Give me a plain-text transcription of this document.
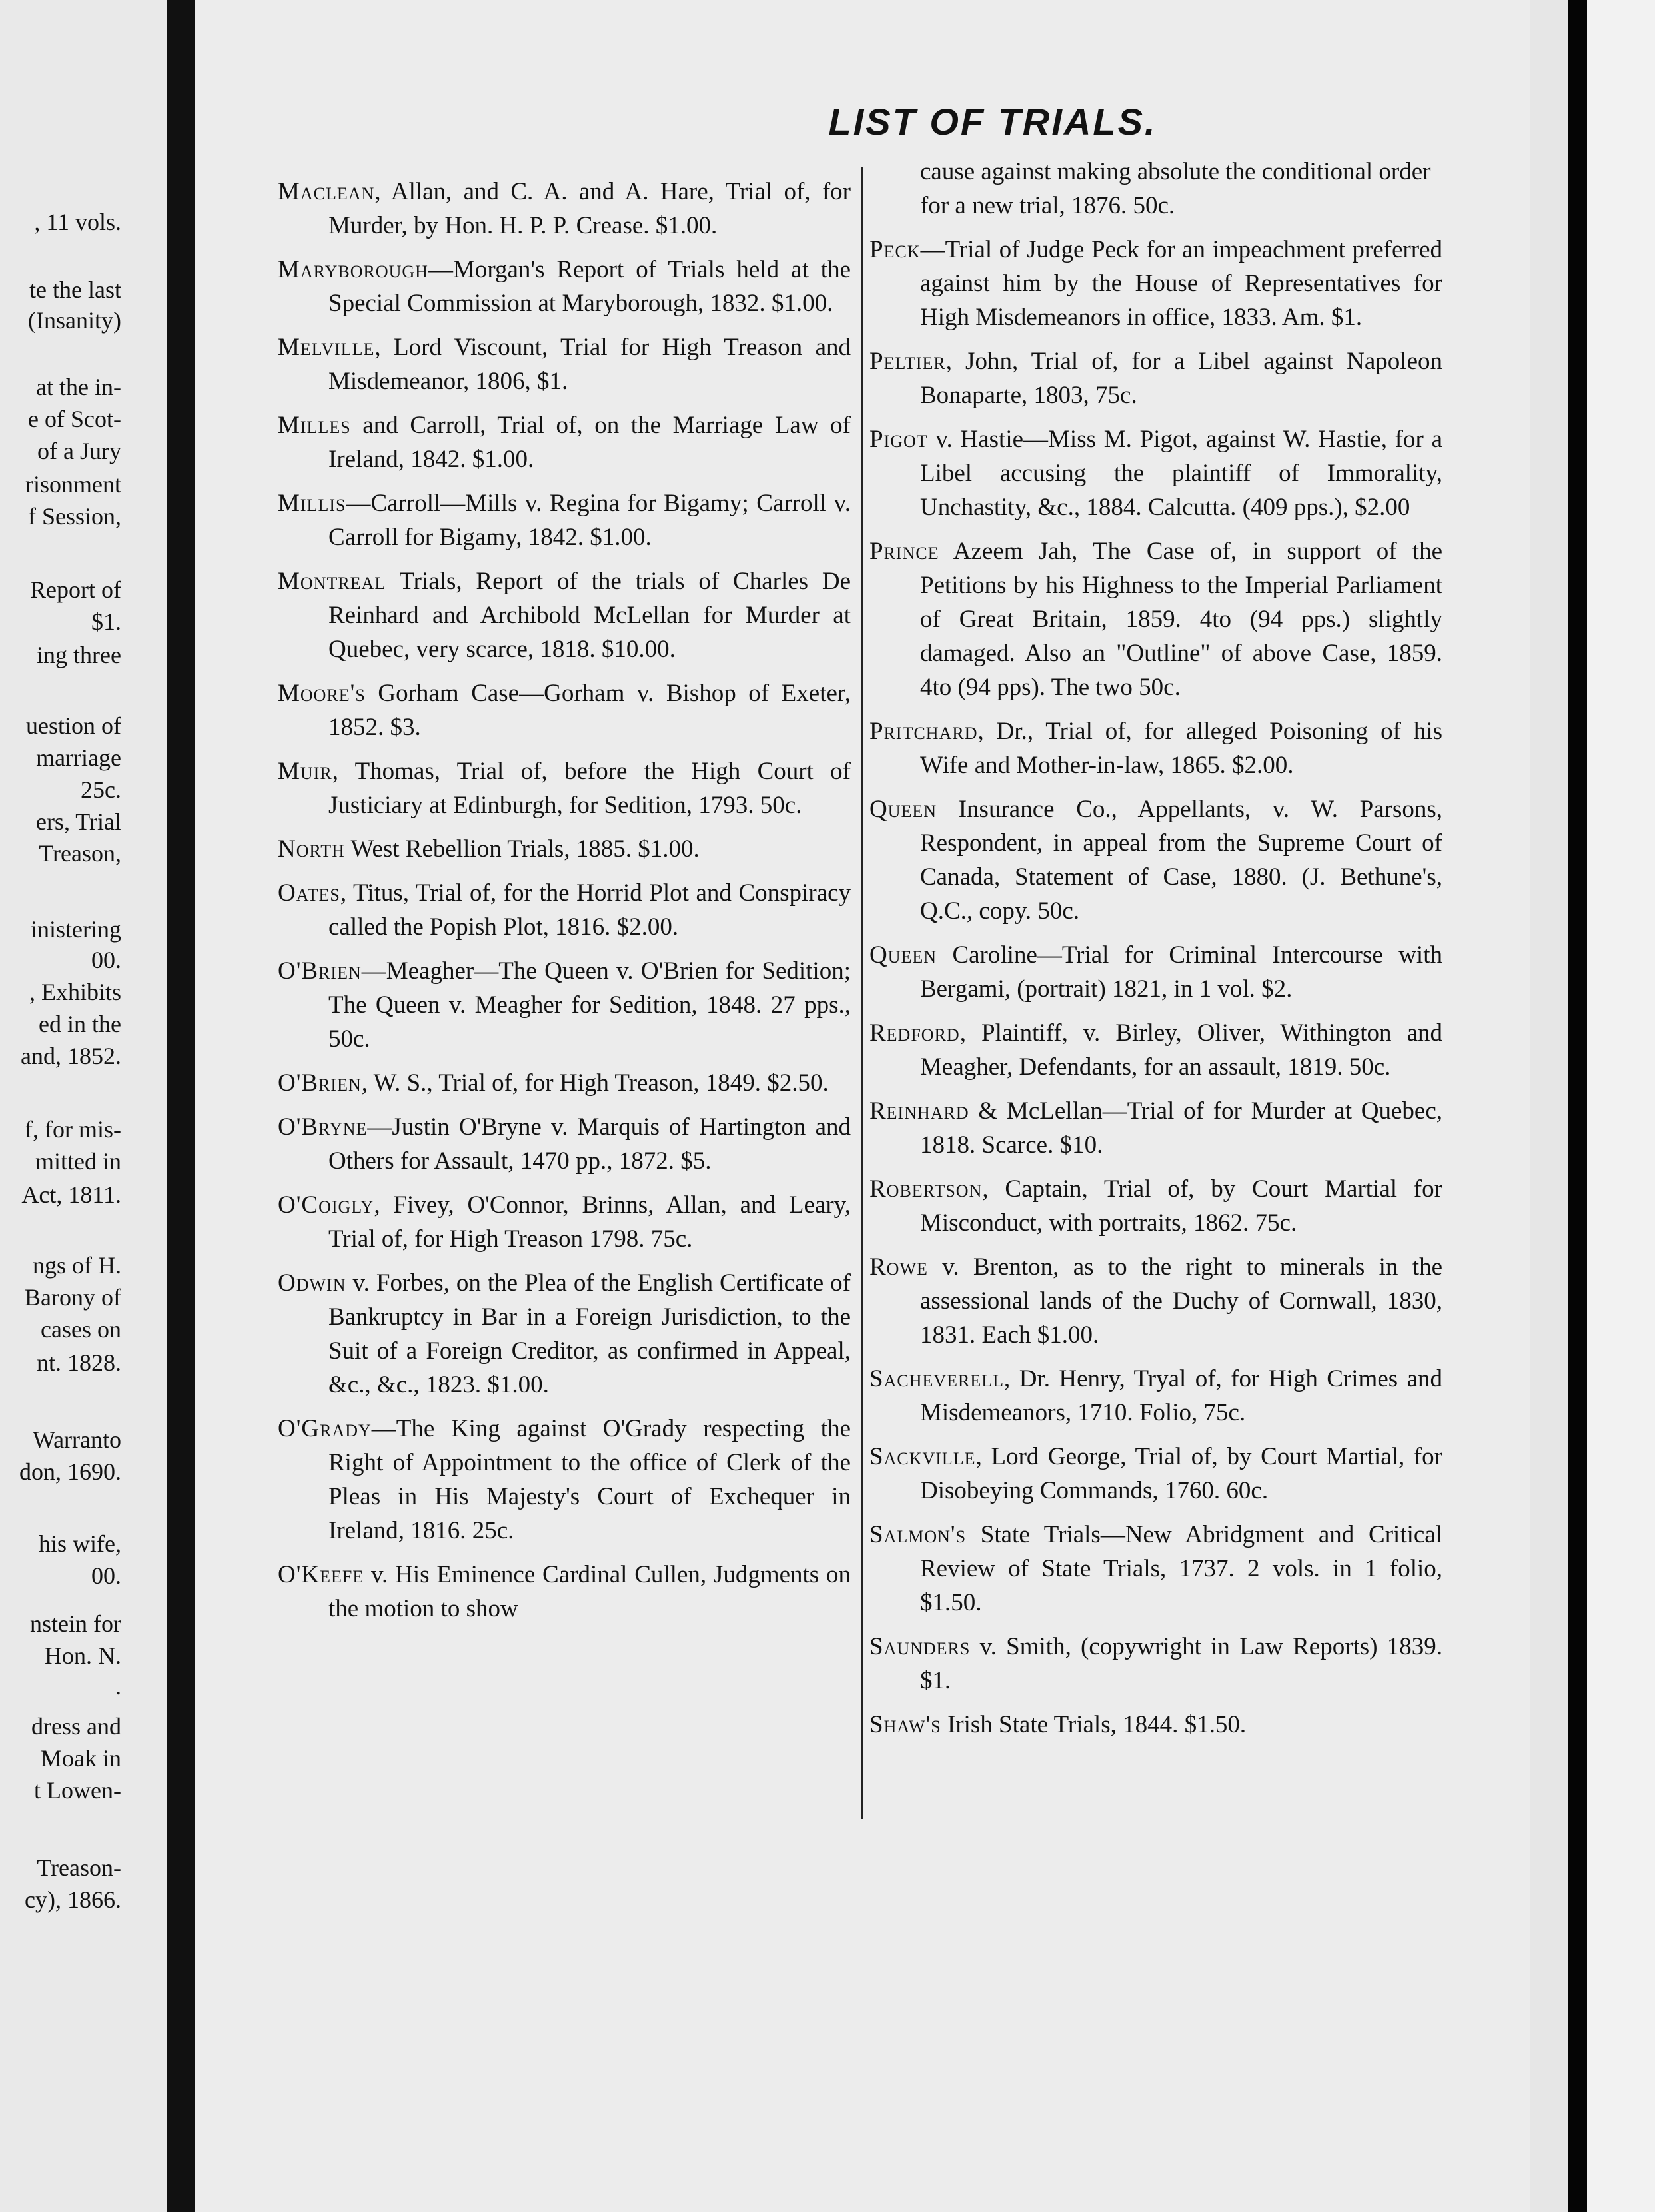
, 11 vols.
te the last
(Insanity)
at the in-
e of Scot-
of a Jury
risonment
f Session,
Report of
$1.
ing three
uestion of
marriage
25c.
ers, Trial
Treason,
inistering
00.
, Exhibits
ed in the
and, 1852.
f, for mis-
mitted in
Act, 1811.
ngs of H.
Barony of
cases on
nt. 1828.
Warranto
don, 1690.
his wife,
00.
nstein for
Hon. N.
.
dress and
Moak in
t Lowen-
Treason-
cy), 1866.
LIST OF TRIALS.
Maclean, Allan, and C. A. and A. Hare, Trial of, for Murder, by Hon. H. P. P. Crease. $1.00.
Maryborough—Morgan's Report of Trials held at the Special Commission at Maryborough, 1832. $1.00.
Melville, Lord Viscount, Trial for High Treason and Misdemeanor, 1806, $1.
Milles and Carroll, Trial of, on the Marriage Law of Ireland, 1842. $1.00.
Millis—Carroll—Mills v. Regina for Bigamy; Carroll v. Carroll for Bigamy, 1842. $1.00.
Montreal Trials, Report of the trials of Charles De Reinhard and Archibold McLellan for Murder at Quebec, very scarce, 1818. $10.00.
Moore's Gorham Case—Gorham v. Bishop of Exeter, 1852. $3.
Muir, Thomas, Trial of, before the High Court of Justiciary at Edinburgh, for Sedition, 1793. 50c.
North West Rebellion Trials, 1885. $1.00.
Oates, Titus, Trial of, for the Horrid Plot and Conspiracy called the Popish Plot, 1816. $2.00.
O'Brien—Meagher—The Queen v. O'Brien for Sedition; The Queen v. Meagher for Sedition, 1848. 27 pps., 50c.
O'Brien, W. S., Trial of, for High Treason, 1849. $2.50.
O'Bryne—Justin O'Bryne v. Marquis of Hartington and Others for Assault, 1470 pp., 1872. $5.
O'Coigly, Fivey, O'Connor, Brinns, Allan, and Leary, Trial of, for High Treason 1798. 75c.
Odwin v. Forbes, on the Plea of the English Certificate of Bankruptcy in Bar in a Foreign Jurisdiction, to the Suit of a Foreign Creditor, as confirmed in Appeal, &c., &c., 1823. $1.00.
O'Grady—The King against O'Grady respecting the Right of Appointment to the office of Clerk of the Pleas in His Majesty's Court of Exchequer in Ireland, 1816. 25c.
O'Keefe v. His Eminence Cardinal Cullen, Judgments on the motion to show
cause against making absolute the conditional order for a new trial, 1876. 50c.
Peck—Trial of Judge Peck for an impeachment preferred against him by the House of Representatives for High Misdemeanors in office, 1833. Am. $1.
Peltier, John, Trial of, for a Libel against Napoleon Bonaparte, 1803, 75c.
Pigot v. Hastie—Miss M. Pigot, against W. Hastie, for a Libel accusing the plaintiff of Immorality, Unchastity, &c., 1884. Calcutta. (409 pps.), $2.00
Prince Azeem Jah, The Case of, in support of the Petitions by his Highness to the Imperial Parliament of Great Britain, 1859. 4to (94 pps.) slightly damaged. Also an "Outline" of above Case, 1859. 4to (94 pps). The two 50c.
Pritchard, Dr., Trial of, for alleged Poisoning of his Wife and Mother-in-law, 1865. $2.00.
Queen Insurance Co., Appellants, v. W. Parsons, Respondent, in appeal from the Supreme Court of Canada, Statement of Case, 1880. (J. Bethune's, Q.C., copy. 50c.
Queen Caroline—Trial for Criminal Intercourse with Bergami, (portrait) 1821, in 1 vol. $2.
Redford, Plaintiff, v. Birley, Oliver, Withington and Meagher, Defendants, for an assault, 1819. 50c.
Reinhard & McLellan—Trial of for Murder at Quebec, 1818. Scarce. $10.
Robertson, Captain, Trial of, by Court Martial for Misconduct, with portraits, 1862. 75c.
Rowe v. Brenton, as to the right to minerals in the assessional lands of the Duchy of Cornwall, 1830, 1831. Each $1.00.
Sacheverell, Dr. Henry, Tryal of, for High Crimes and Misdemeanors, 1710. Folio, 75c.
Sackville, Lord George, Trial of, by Court Martial, for Disobeying Commands, 1760. 60c.
Salmon's State Trials—New Abridgment and Critical Review of State Trials, 1737. 2 vols. in 1 folio, $1.50.
Saunders v. Smith, (copywright in Law Reports) 1839. $1.
Shaw's Irish State Trials, 1844. $1.50.
